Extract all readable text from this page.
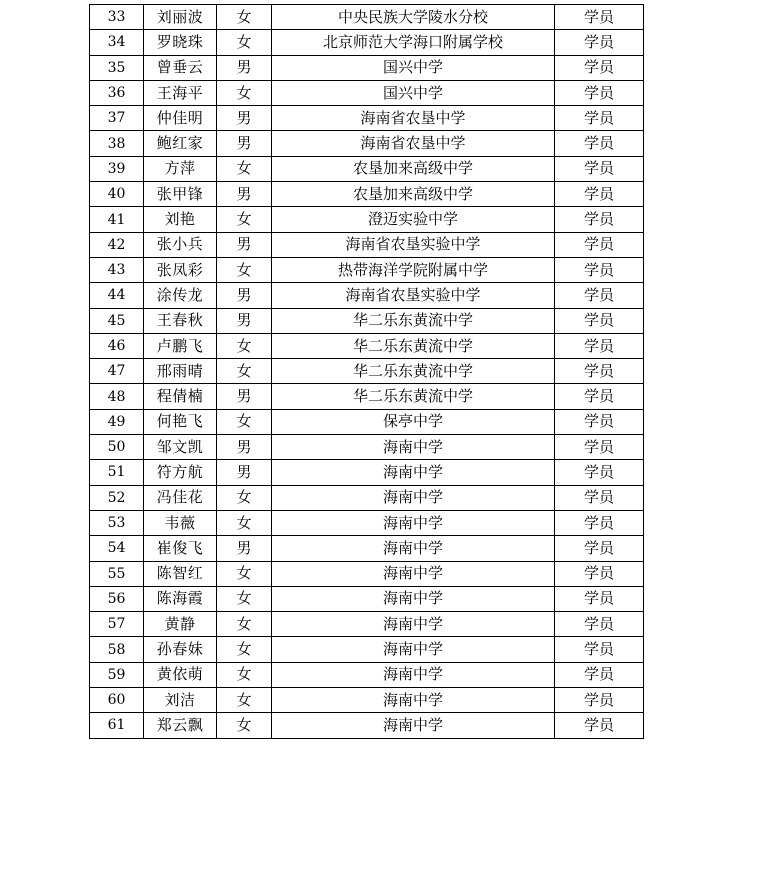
33	刘丽波	女	中央民族大学陵水分校	学员
34	罗晓珠	女	北京师范大学海口附属学校	学员
35	曾垂云	男	国兴中学	学员
36	王海平	女	国兴中学	学员
37	仲佳明	男	海南省农垦中学	学员
38	鲍红家	男	海南省农垦中学	学员
39	方萍	女	农垦加来高级中学	学员
40	张甲锋	男	农垦加来高级中学	学员
41	刘艳	女	澄迈实验中学	学员
42	张小兵	男	海南省农垦实验中学	学员
43	张凤彩	女	热带海洋学院附属中学	学员
44	涂传龙	男	海南省农垦实验中学	学员
45	王春秋	男	华二乐东黄流中学	学员
46	卢鹏飞	女	华二乐东黄流中学	学员
47	邢雨晴	女	华二乐东黄流中学	学员
48	程倩楠	男	华二乐东黄流中学	学员
49	何艳飞	女	保亭中学	学员
50	邹文凯	男	海南中学	学员
51	符方航	男	海南中学	学员
52	冯佳花	女	海南中学	学员
53	韦薇	女	海南中学	学员
54	崔俊飞	男	海南中学	学员
55	陈智红	女	海南中学	学员
56	陈海霞	女	海南中学	学员
57	黄静	女	海南中学	学员
58	孙春妹	女	海南中学	学员
59	黄依萌	女	海南中学	学员
60	刘洁	女	海南中学	学员
61	郑云飘	女	海南中学	学员
